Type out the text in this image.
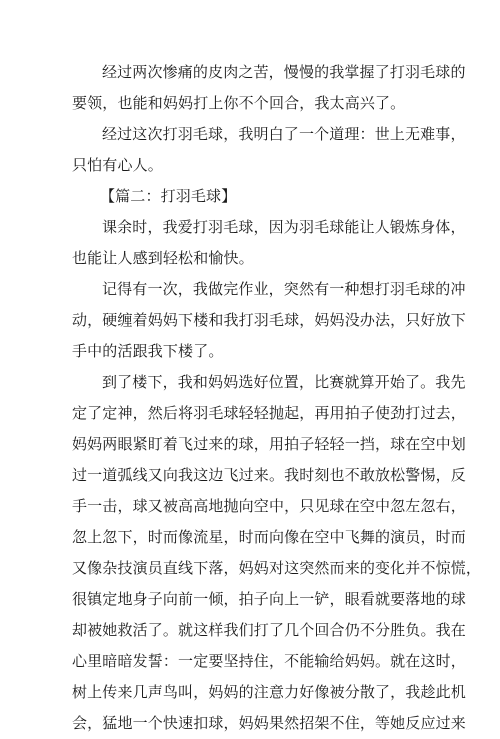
经过两次惨痛的皮肉之苦，慢慢的我掌握了打羽毛球的
要领，也能和妈妈打上你不个回合，我太高兴了。
经过这次打羽毛球，我明白了一个道理：世上无难事，
只怕有心人。
【篇二：打羽毛球】
课余时，我爱打羽毛球，因为羽毛球能让人锻炼身体，
也能让人感到轻松和愉快。
记得有一次，我做完作业，突然有一种想打羽毛球的冲
动，硬缠着妈妈下楼和我打羽毛球，妈妈没办法，只好放下
手中的活跟我下楼了。
到了楼下，我和妈妈选好位置，比赛就算开始了。我先
定了定神，然后将羽毛球轻轻抛起，再用拍子使劲打过去，
妈妈两眼紧盯着飞过来的球，用拍子轻轻一挡，球在空中划
过一道弧线又向我这边飞过来。我时刻也不敢放松警惕，反
手一击，球又被高高地抛向空中，只见球在空中忽左忽右，
忽上忽下，时而像流星，时而向像在空中飞舞的演员，时而
又像杂技演员直线下落，妈妈对这突然而来的变化并不惊慌，
很镇定地身子向前一倾，拍子向上一铲，眼看就要落地的球
却被她救活了。就这样我们打了几个回合仍不分胜负。我在
心里暗暗发誓：一定要坚持住，不能输给妈妈。就在这时，
树上传来几声鸟叫，妈妈的注意力好像被分散了，我趁此机
会，猛地一个快速扣球，妈妈果然招架不住，等她反应过来
